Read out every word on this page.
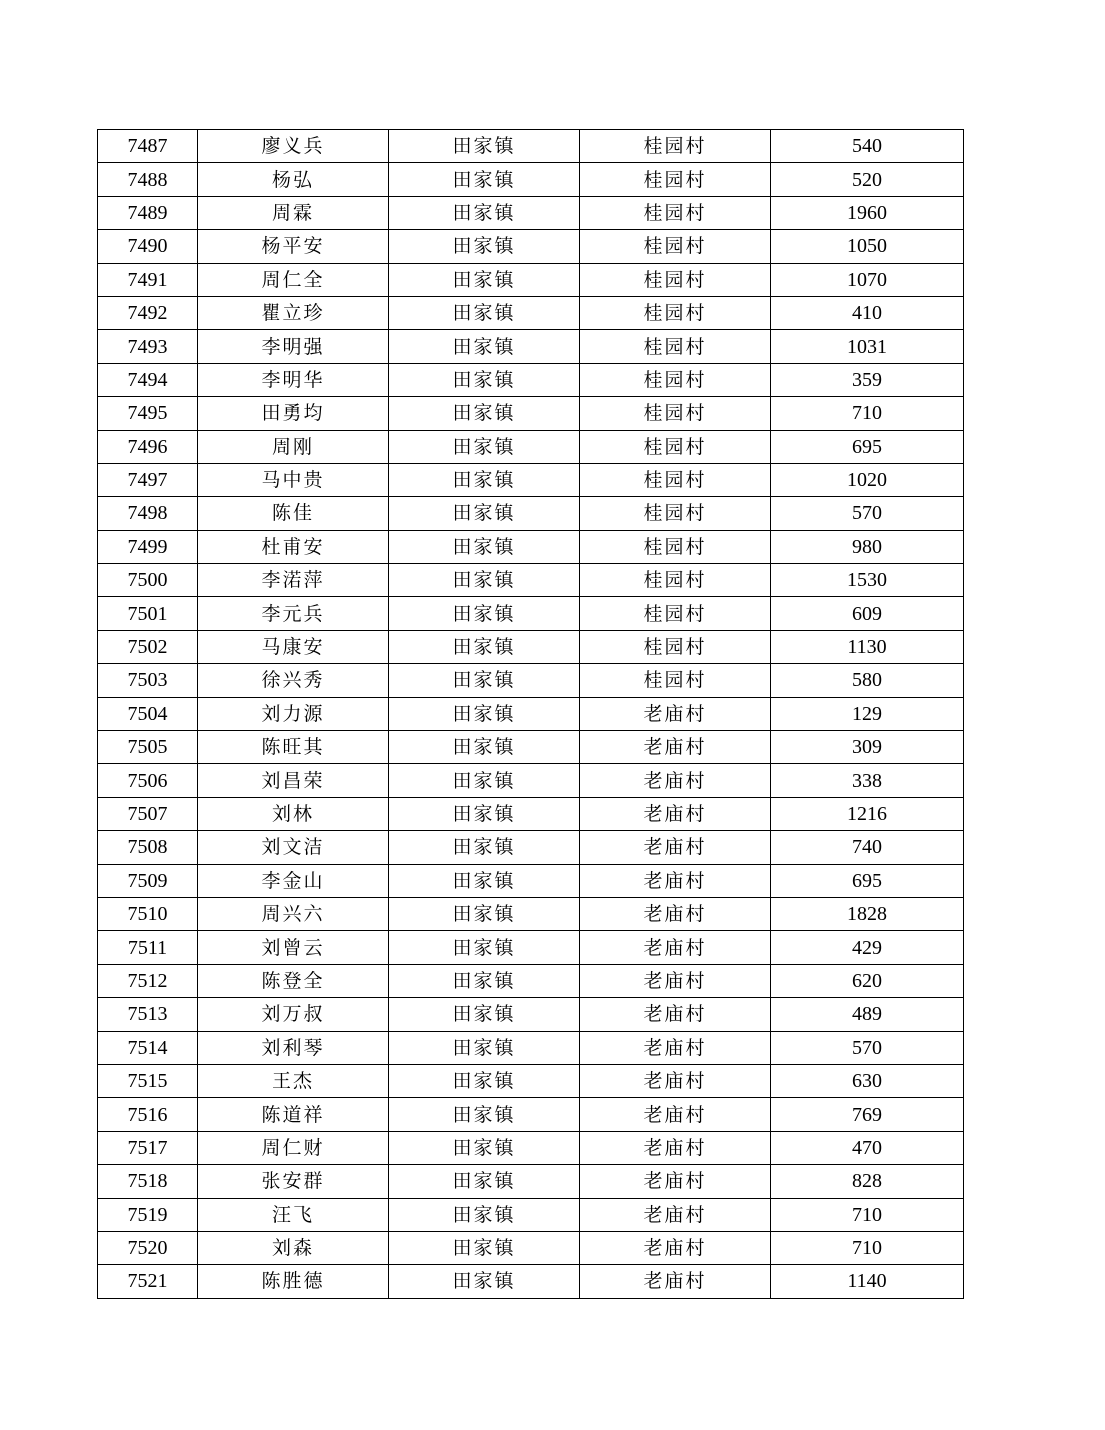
7487	廖义兵	田家镇	桂园村	540
7488	杨弘	田家镇	桂园村	520
7489	周霖	田家镇	桂园村	1960
7490	杨平安	田家镇	桂园村	1050
7491	周仁全	田家镇	桂园村	1070
7492	瞿立珍	田家镇	桂园村	410
7493	李明强	田家镇	桂园村	1031
7494	李明华	田家镇	桂园村	359
7495	田勇均	田家镇	桂园村	710
7496	周刚	田家镇	桂园村	695
7497	马中贵	田家镇	桂园村	1020
7498	陈佳	田家镇	桂园村	570
7499	杜甫安	田家镇	桂园村	980
7500	李渃萍	田家镇	桂园村	1530
7501	李元兵	田家镇	桂园村	609
7502	马康安	田家镇	桂园村	1130
7503	徐兴秀	田家镇	桂园村	580
7504	刘力源	田家镇	老庙村	129
7505	陈旺其	田家镇	老庙村	309
7506	刘昌荣	田家镇	老庙村	338
7507	刘林	田家镇	老庙村	1216
7508	刘文洁	田家镇	老庙村	740
7509	李金山	田家镇	老庙村	695
7510	周兴六	田家镇	老庙村	1828
7511	刘曾云	田家镇	老庙村	429
7512	陈登全	田家镇	老庙村	620
7513	刘万叔	田家镇	老庙村	489
7514	刘利琴	田家镇	老庙村	570
7515	王杰	田家镇	老庙村	630
7516	陈道祥	田家镇	老庙村	769
7517	周仁财	田家镇	老庙村	470
7518	张安群	田家镇	老庙村	828
7519	汪飞	田家镇	老庙村	710
7520	刘森	田家镇	老庙村	710
7521	陈胜德	田家镇	老庙村	1140
